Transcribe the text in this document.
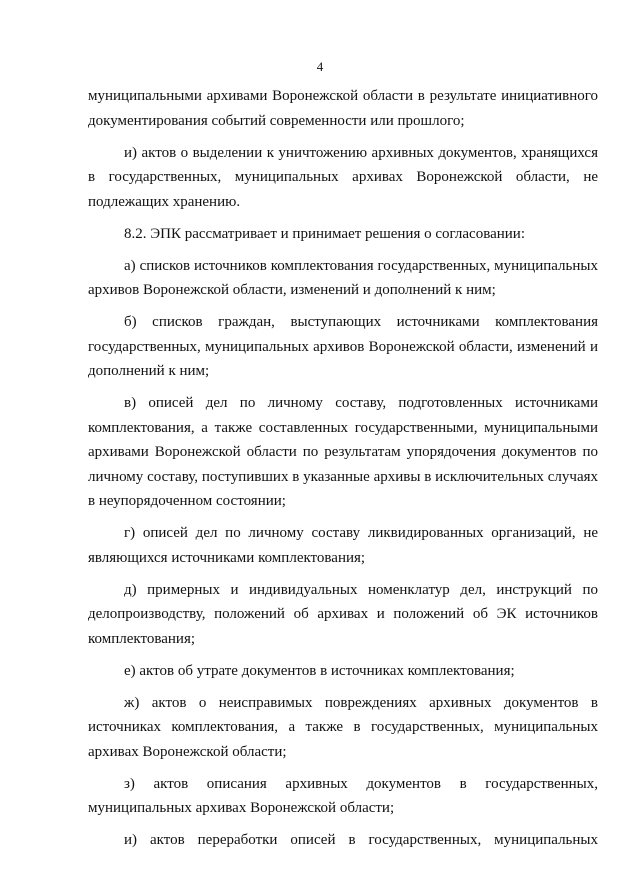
4

муниципальными архивами Воронежской области в результате инициативного документирования событий современности или прошлого;

и) актов о выделении к уничтожению архивных документов, хранящихся в государственных, муниципальных архивах Воронежской области, не подлежащих хранению.

8.2. ЭПК рассматривает и принимает решения о согласовании:

а) списков источников комплектования государственных, муниципальных архивов Воронежской области, изменений и дополнений к ним;

б) списков граждан, выступающих источниками комплектования государственных, муниципальных архивов Воронежской области, изменений и дополнений к ним;

в) описей дел по личному составу, подготовленных источниками комплектования, а также составленных государственными, муниципальными архивами Воронежской области по результатам упорядочения документов по личному составу, поступивших в указанные архивы в исключительных случаях в неупорядоченном состоянии;

г) описей дел по личному составу ликвидированных организаций, не являющихся источниками комплектования;

д) примерных и индивидуальных номенклатур дел, инструкций по делопроизводству, положений об архивах и положений об ЭК источников комплектования;

е) актов об утрате документов в источниках комплектования;

ж) актов о неисправимых повреждениях архивных документов в источниках комплектования, а также в государственных, муниципальных архивах Воронежской области;

з) актов описания архивных документов в государственных, муниципальных архивах Воронежской области;

и) актов переработки описей в государственных, муниципальных
